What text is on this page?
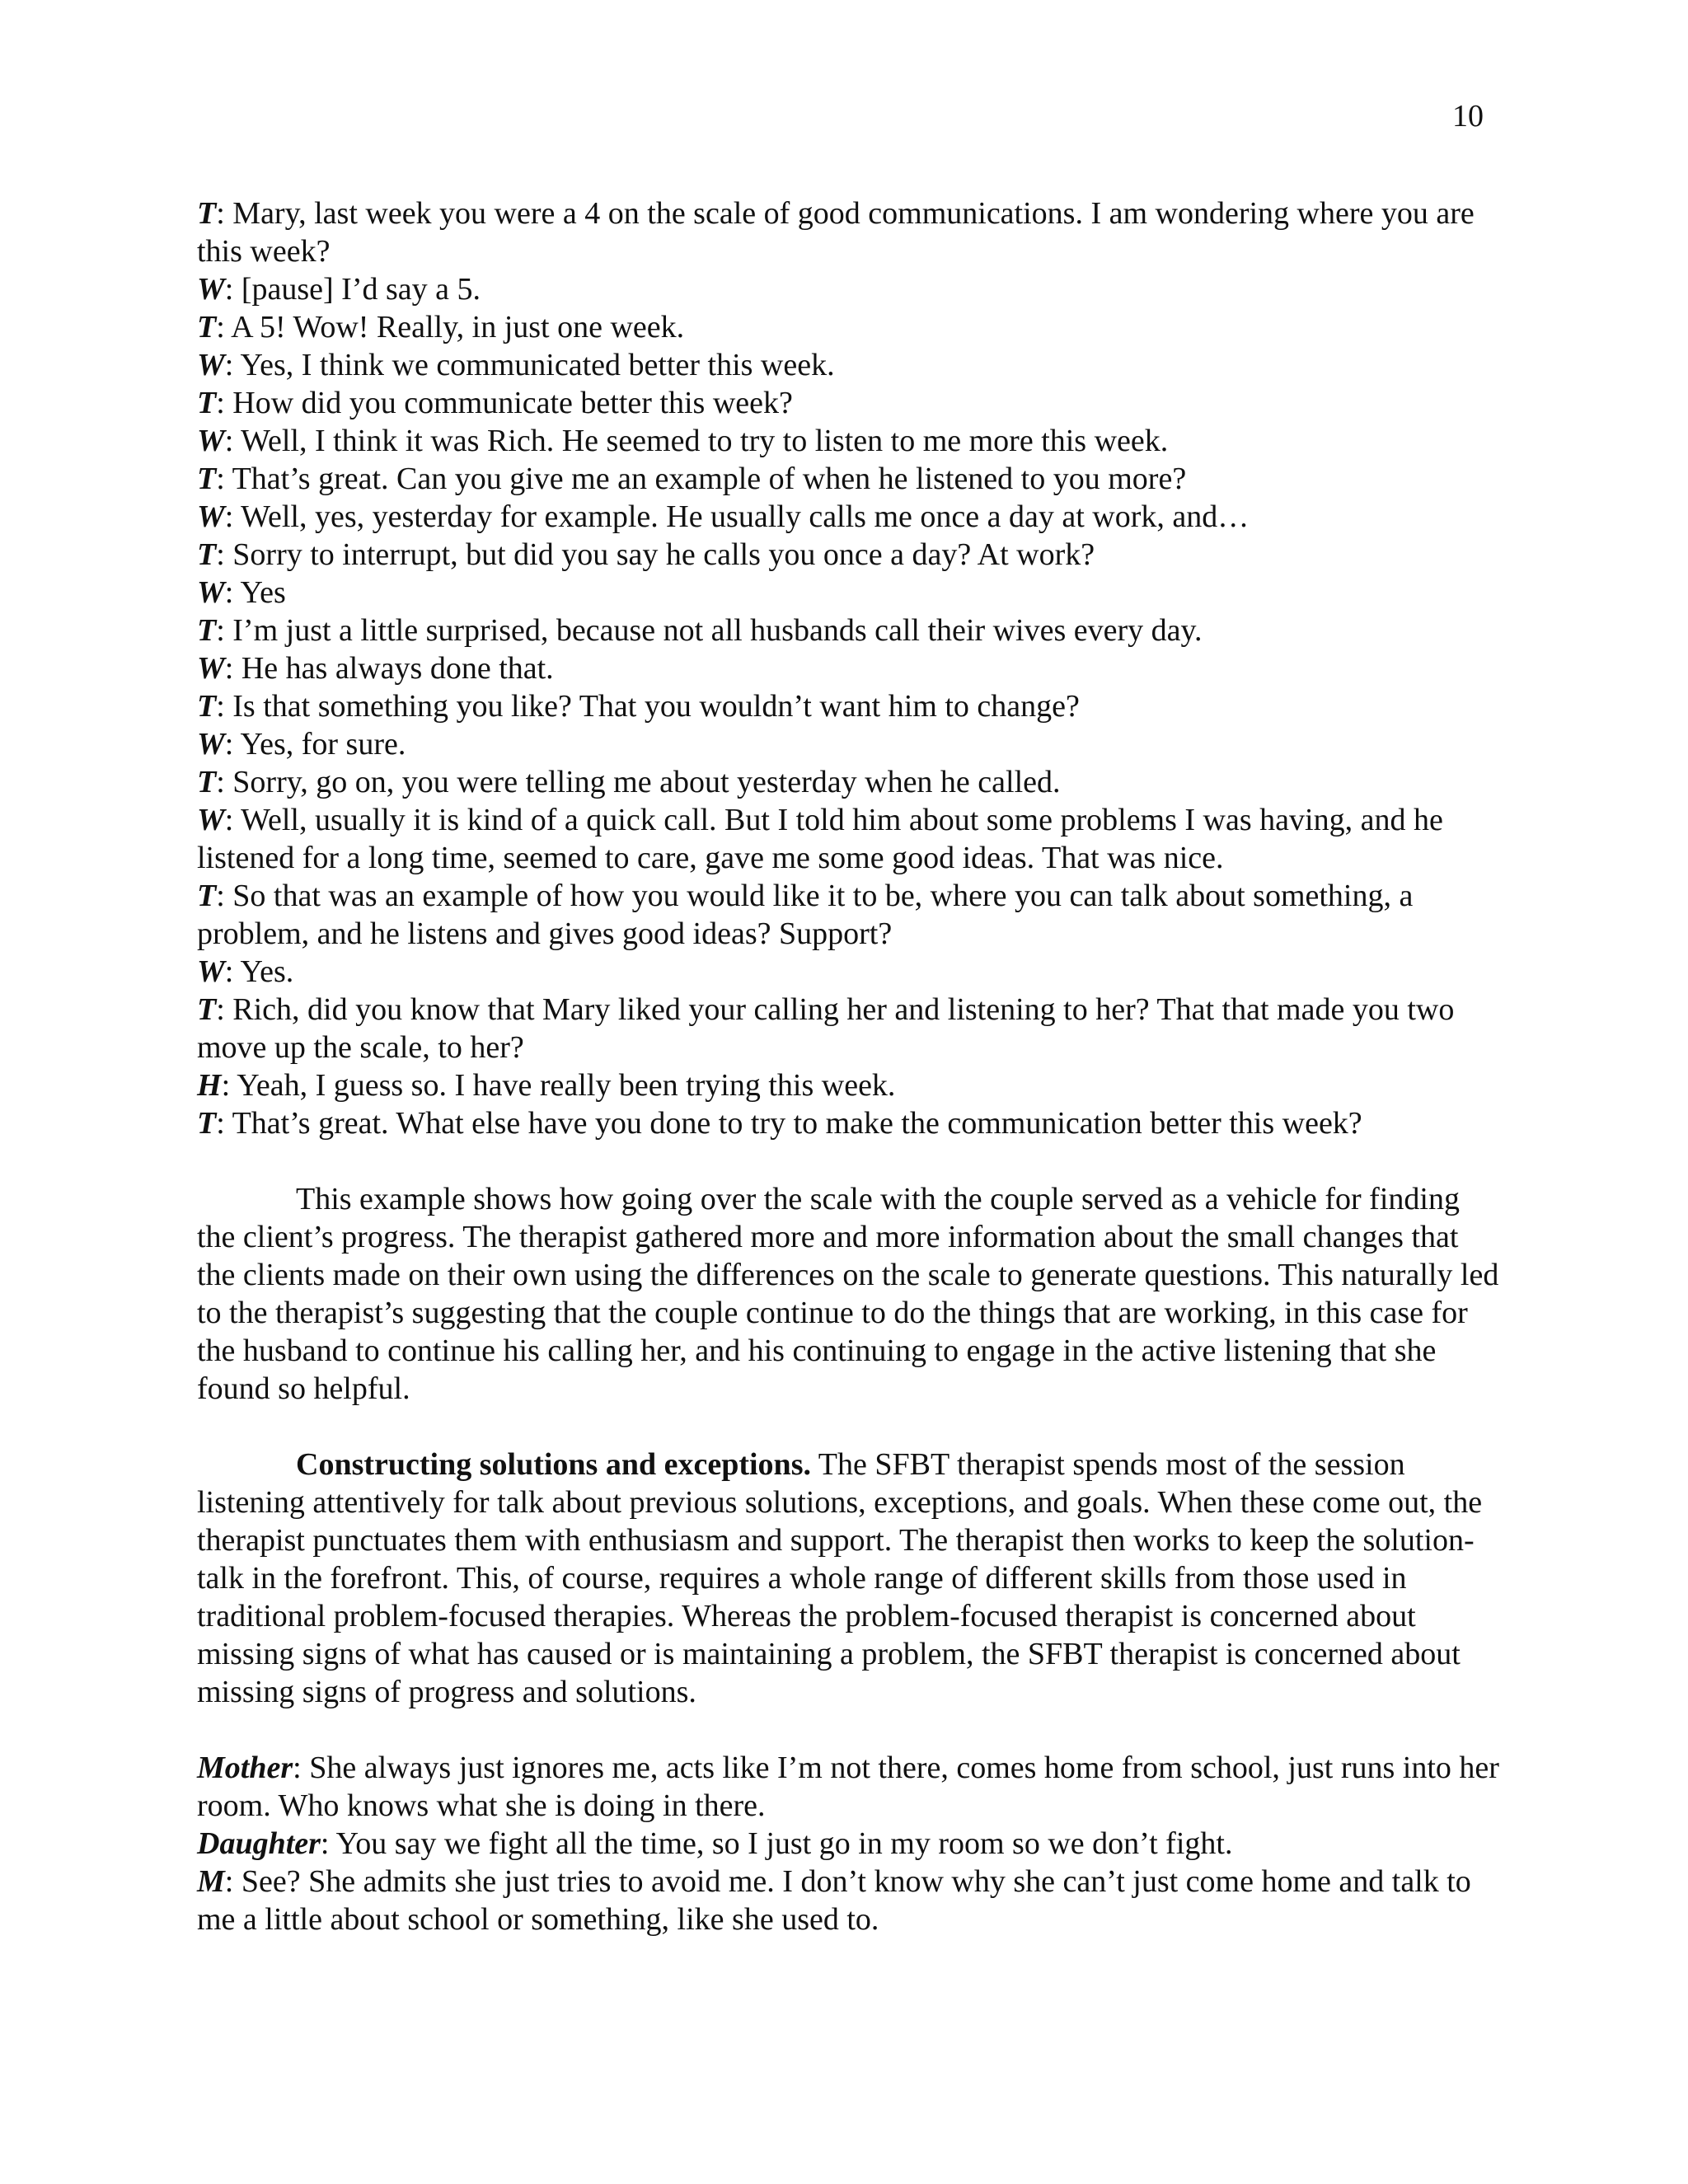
10

T: Mary, last week you were a 4 on the scale of good communications. I am wondering where you are this week?

W: [pause] I’d say a 5.

T: A 5! Wow! Really, in just one week.

W: Yes, I think we communicated better this week.

T: How did you communicate better this week?

W: Well, I think it was Rich. He seemed to try to listen to me more this week.

T: That’s great. Can you give me an example of when he listened to you more?

W: Well, yes, yesterday for example. He usually calls me once a day at work, and…

T: Sorry to interrupt, but did you say he calls you once a day? At work?

W: Yes

T: I’m just a little surprised, because not all husbands call their wives every day.

W: He has always done that.

T: Is that something you like? That you wouldn’t want him to change?

W: Yes, for sure.

T: Sorry, go on, you were telling me about yesterday when he called.

W: Well, usually it is kind of a quick call. But I told him about some problems I was having, and he listened for a long time, seemed to care, gave me some good ideas. That was nice.

T: So that was an example of how you would like it to be, where you can talk about something, a problem, and he listens and gives good ideas? Support?

W: Yes.

T: Rich, did you know that Mary liked your calling her and listening to her? That that made you two move up the scale, to her?

H: Yeah, I guess so. I have really been trying this week.

T: That’s great. What else have you done to try to make the communication better this week?

This example shows how going over the scale with the couple served as a vehicle for finding the client’s progress. The therapist gathered more and more information about the small changes that the clients made on their own using the differences on the scale to generate questions. This naturally led to the therapist’s suggesting that the couple continue to do the things that are working, in this case for the husband to continue his calling her, and his continuing to engage in the active listening that she found so helpful.

Constructing solutions and exceptions. The SFBT therapist spends most of the session listening attentively for talk about previous solutions, exceptions, and goals. When these come out, the therapist punctuates them with enthusiasm and support. The therapist then works to keep the solution-talk in the forefront. This, of course, requires a whole range of different skills from those used in traditional problem-focused therapies. Whereas the problem-focused therapist is concerned about missing signs of what has caused or is maintaining a problem, the SFBT therapist is concerned about missing signs of progress and solutions.

Mother: She always just ignores me, acts like I’m not there, comes home from school, just runs into her room. Who knows what she is doing in there.

Daughter: You say we fight all the time, so I just go in my room so we don’t fight.

M: See? She admits she just tries to avoid me. I don’t know why she can’t just come home and talk to me a little about school or something, like she used to.
